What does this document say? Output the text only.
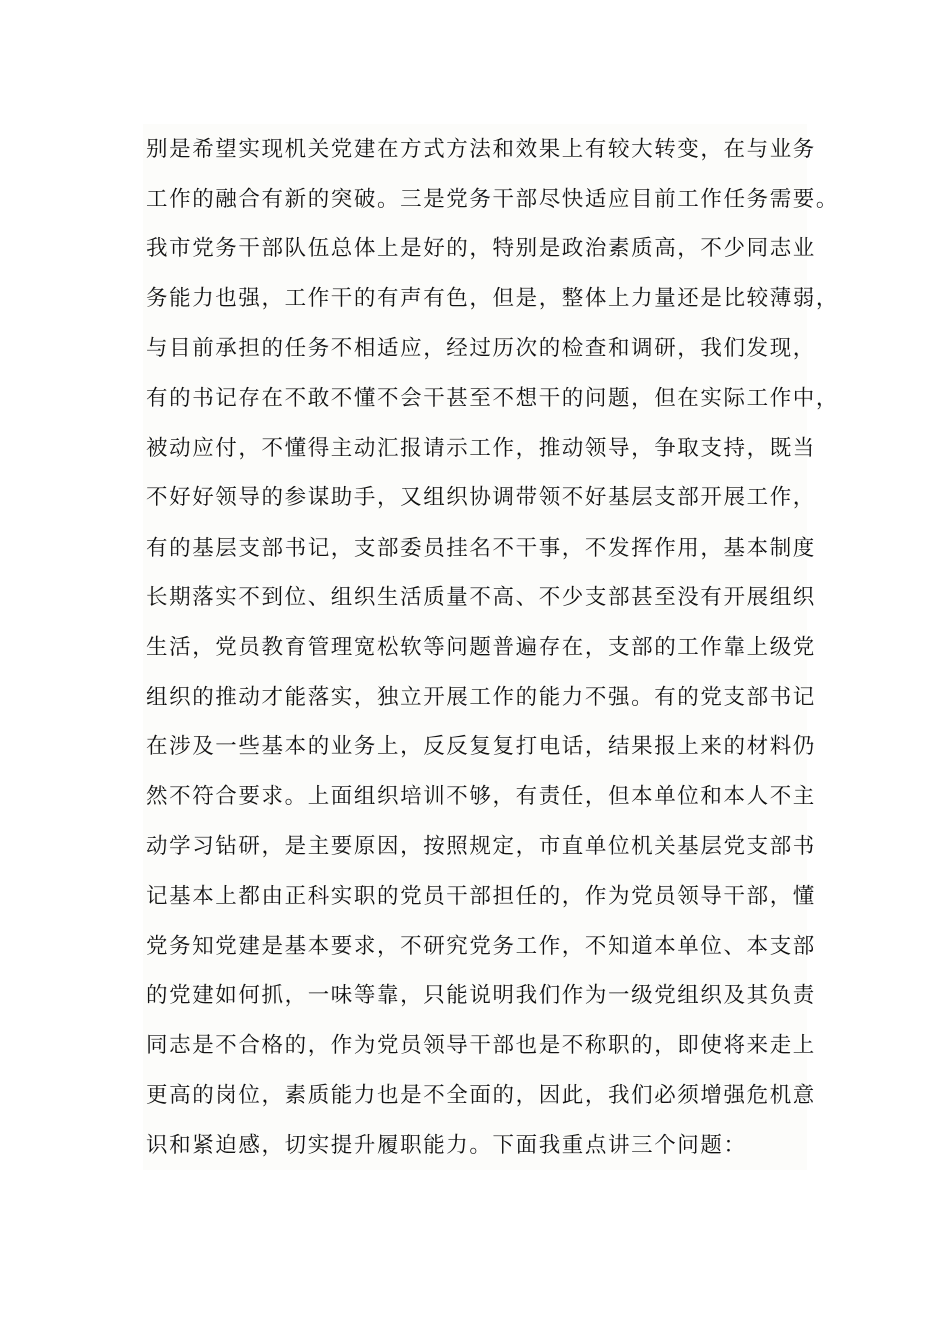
别是希望实现机关党建在方式方法和效果上有较大转变，在与业务
工作的融合有新的突破。三是党务干部尽快适应目前工作任务需要。
我市党务干部队伍总体上是好的，特别是政治素质高，不少同志业
务能力也强，工作干的有声有色，但是，整体上力量还是比较薄弱，
与目前承担的任务不相适应，经过历次的检查和调研，我们发现，
有的书记存在不敢不懂不会干甚至不想干的问题，但在实际工作中，
被动应付，不懂得主动汇报请示工作，推动领导，争取支持，既当
不好好领导的参谋助手，又组织协调带领不好基层支部开展工作，
有的基层支部书记，支部委员挂名不干事，不发挥作用，基本制度
长期落实不到位、组织生活质量不高、不少支部甚至没有开展组织
生活，党员教育管理宽松软等问题普遍存在，支部的工作靠上级党
组织的推动才能落实，独立开展工作的能力不强。有的党支部书记
在涉及一些基本的业务上，反反复复打电话，结果报上来的材料仍
然不符合要求。上面组织培训不够，有责任，但本单位和本人不主
动学习钻研，是主要原因，按照规定，市直单位机关基层党支部书
记基本上都由正科实职的党员干部担任的，作为党员领导干部，懂
党务知党建是基本要求，不研究党务工作，不知道本单位、本支部
的党建如何抓，一味等靠，只能说明我们作为一级党组织及其负责
同志是不合格的，作为党员领导干部也是不称职的，即使将来走上
更高的岗位，素质能力也是不全面的，因此，我们必须增强危机意
识和紧迫感，切实提升履职能力。下面我重点讲三个问题：
